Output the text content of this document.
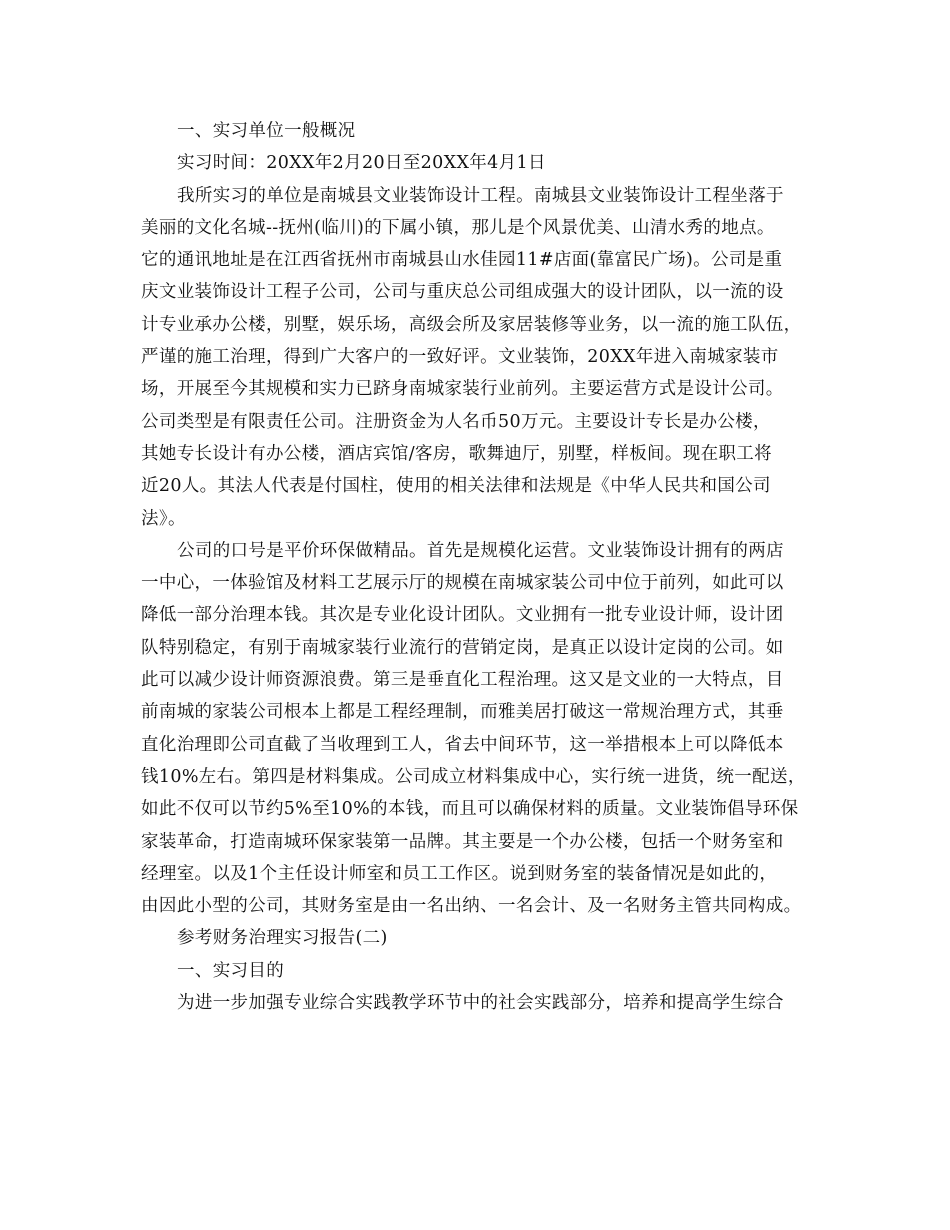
一、实习单位一般概况
实习时间：20XX年2月20日至20XX年4月1日
我所实习的单位是南城县文业装饰设计工程。南城县文业装饰设计工程坐落于
美丽的文化名城--抚州(临川)的下属小镇，那儿是个风景优美、山清水秀的地点。
它的通讯地址是在江西省抚州市南城县山水佳园11#店面(靠富民广场)。公司是重
庆文业装饰设计工程子公司，公司与重庆总公司组成强大的设计团队，以一流的设
计专业承办公楼，别墅，娱乐场，高级会所及家居装修等业务，以一流的施工队伍，
严谨的施工治理，得到广大客户的一致好评。文业装饰，20XX年进入南城家装市
场，开展至今其规模和实力已跻身南城家装行业前列。主要运营方式是设计公司。
公司类型是有限责任公司。注册资金为人名币50万元。主要设计专长是办公楼，
其她专长设计有办公楼，酒店宾馆/客房，歌舞迪厅，别墅，样板间。现在职工将
近20人。其法人代表是付国柱，使用的相关法律和法规是《中华人民共和国公司
法》。
公司的口号是平价环保做精品。首先是规模化运营。文业装饰设计拥有的两店
一中心，一体验馆及材料工艺展示厅的规模在南城家装公司中位于前列，如此可以
降低一部分治理本钱。其次是专业化设计团队。文业拥有一批专业设计师，设计团
队特别稳定，有别于南城家装行业流行的营销定岗，是真正以设计定岗的公司。如
此可以减少设计师资源浪费。第三是垂直化工程治理。这又是文业的一大特点，目
前南城的家装公司根本上都是工程经理制，而雅美居打破这一常规治理方式，其垂
直化治理即公司直截了当收理到工人，省去中间环节，这一举措根本上可以降低本
钱10%左右。第四是材料集成。公司成立材料集成中心，实行统一进货，统一配送，
如此不仅可以节约5%至10%的本钱，而且可以确保材料的质量。文业装饰倡导环保
家装革命，打造南城环保家装第一品牌。其主要是一个办公楼，包括一个财务室和
经理室。以及1个主任设计师室和员工工作区。说到财务室的装备情况是如此的，
由因此小型的公司，其财务室是由一名出纳、一名会计、及一名财务主管共同构成。
参考财务治理实习报告(二)
一、实习目的
为进一步加强专业综合实践教学环节中的社会实践部分，培养和提高学生综合
